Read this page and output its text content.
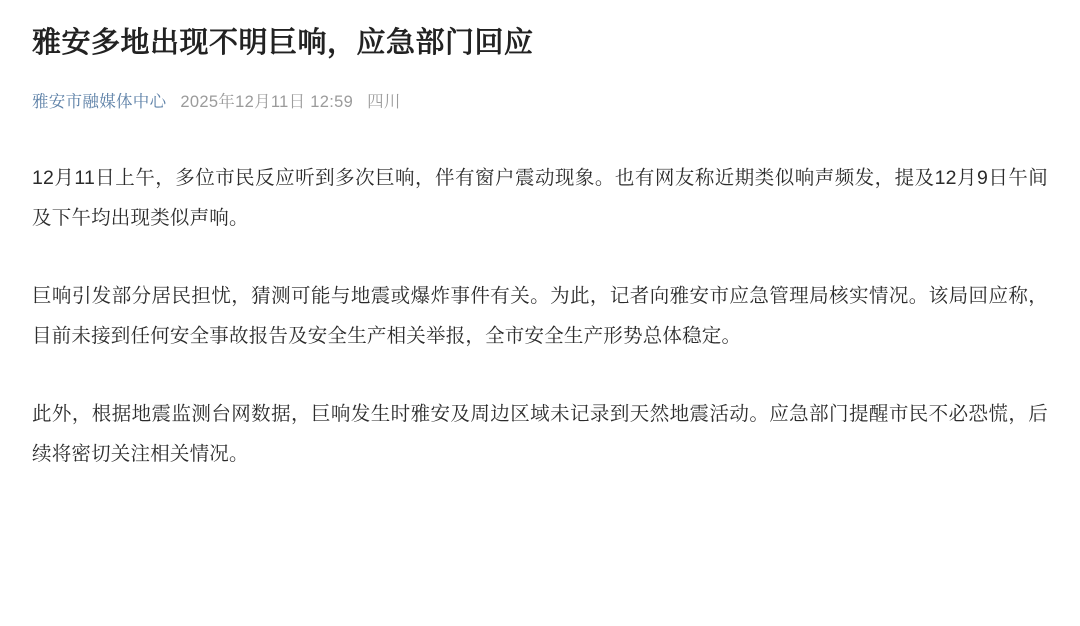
雅安多地出现不明巨响，应急部门回应
雅安市融媒体中心 2025年12月11日 12:59 四川

12月11日上午，多位市民反应听到多次巨响，伴有窗户震动现象。也有网友称近期类似响声频发，提及12月9日午间及下午均出现类似声响。

巨响引发部分居民担忧，猜测可能与地震或爆炸事件有关。为此，记者向雅安市应急管理局核实情况。该局回应称，目前未接到任何安全事故报告及安全生产相关举报，全市安全生产形势总体稳定。

此外，根据地震监测台网数据，巨响发生时雅安及周边区域未记录到天然地震活动。应急部门提醒市民不必恐慌，后续将密切关注相关情况。
